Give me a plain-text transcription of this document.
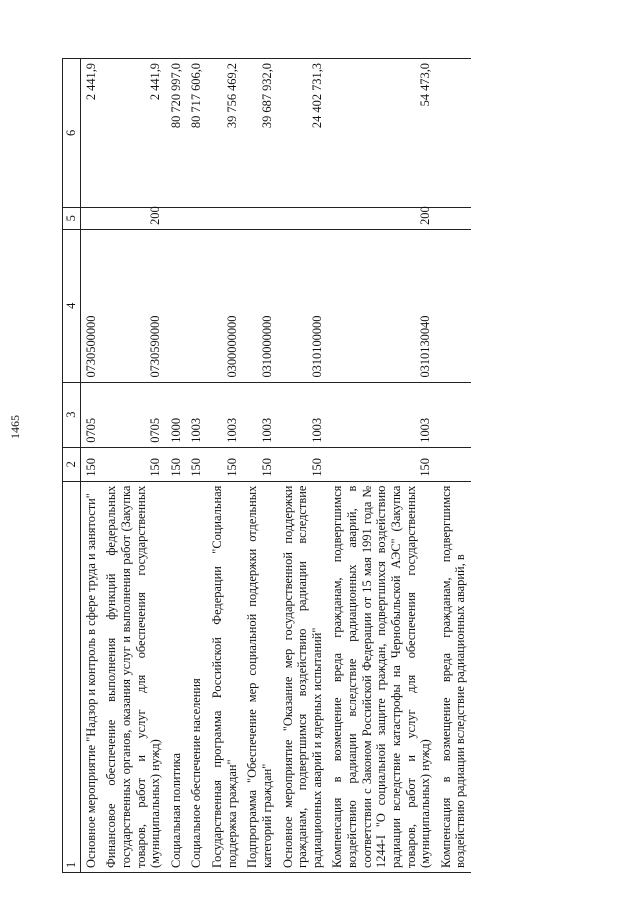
1465
1	2	3	4	5	6
Основное мероприятие "Надзор и контроль в сфере труда и занятости"	150	0705	0730500000		2 441,9
Финансовое обеспечение выполнения функций федеральных государственных органов, оказания услуг и выполнения работ (Закупка товаров, работ и услуг для обеспечения государственных (муниципальных) нужд)	150	0705	0730590000	200	2 441,9
Социальная политика	150	1000			80 720 997,0
Социальное обеспечение населения	150	1003			80 717 606,0
Государственная программа Российской Федерации "Социальная поддержка граждан"	150	1003	0300000000		39 756 469,2
Подпрограмма "Обеспечение мер социальной поддержки отдельных категорий граждан"	150	1003	0310000000		39 687 932,0
Основное мероприятие "Оказание мер государственной поддержки гражданам, подвергшимся воздействию радиации вследствие радиационных аварий и ядерных испытаний"	150	1003	0310100000		24 402 731,3
Компенсация в возмещение вреда гражданам, подвергшимся воздействию радиации вследствие радиационных аварий, в соответствии с Законом Российской Федерации от 15 мая 1991 года № 1244-I "О социальной защите граждан, подвергшихся воздействию радиации вследствие катастрофы на Чернобыльской АЭС" (Закупка товаров, работ и услуг для обеспечения государственных (муниципальных) нужд)	150	1003	0310130040	200	54 473,0
Компенсация в возмещение вреда гражданам, подвергшимся воздействию радиации вследствие радиационных аварий, в					
